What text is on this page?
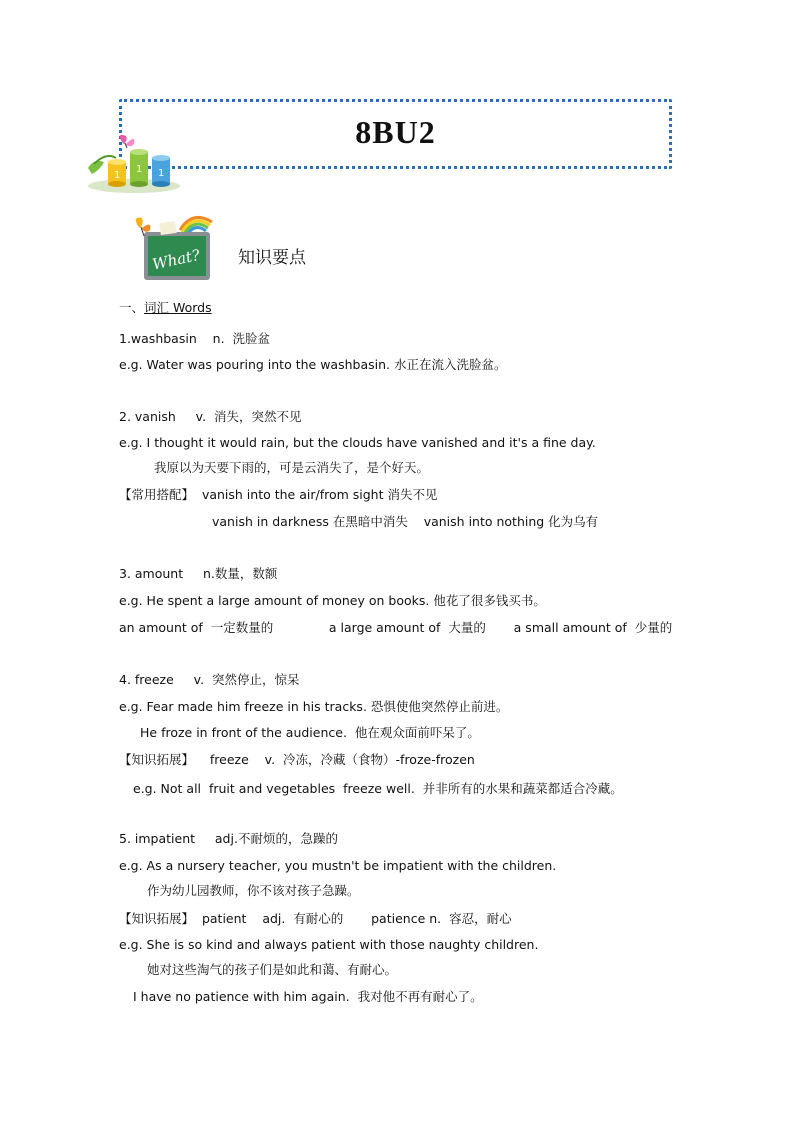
8BU2
1
1 1
What? 知识要点
一、词汇 Words
1.washbasin    n.  洗脸盆
e.g. Water was pouring into the washbasin. 水正在流入洗脸盆。
2. vanish     v.  消失，突然不见
e.g. I thought it would rain, but the clouds have vanished and it's a fine day.
我原以为天要下雨的，可是云消失了，是个好天。
【常用搭配】  vanish into the air/from sight 消失不见
vanish in darkness 在黑暗中消失    vanish into nothing 化为乌有
3. amount     n.数量，数额
e.g. He spent a large amount of money on books. 他花了很多钱买书。
an amount of  一定数量的              a large amount of  大量的       a small amount of  少量的
4. freeze     v.  突然停止，惊呆
e.g. Fear made him freeze in his tracks. 恐惧使他突然停止前进。
He froze in front of the audience.  他在观众面前吓呆了。
【知识拓展】    freeze    v.  冷冻，冷藏（食物）-froze-frozen
e.g. Not all  fruit and vegetables  freeze well.  并非所有的水果和蔬菜都适合冷藏。
5. impatient     adj.不耐烦的，急躁的
e.g. As a nursery teacher, you mustn't be impatient with the children.
作为幼儿园教师，你不该对孩子急躁。
【知识拓展】  patient    adj.  有耐心的       patience n.  容忍，耐心
e.g. She is so kind and always patient with those naughty children.
她对这些淘气的孩子们是如此和蔼、有耐心。
I have no patience with him again.  我对他不再有耐心了。
